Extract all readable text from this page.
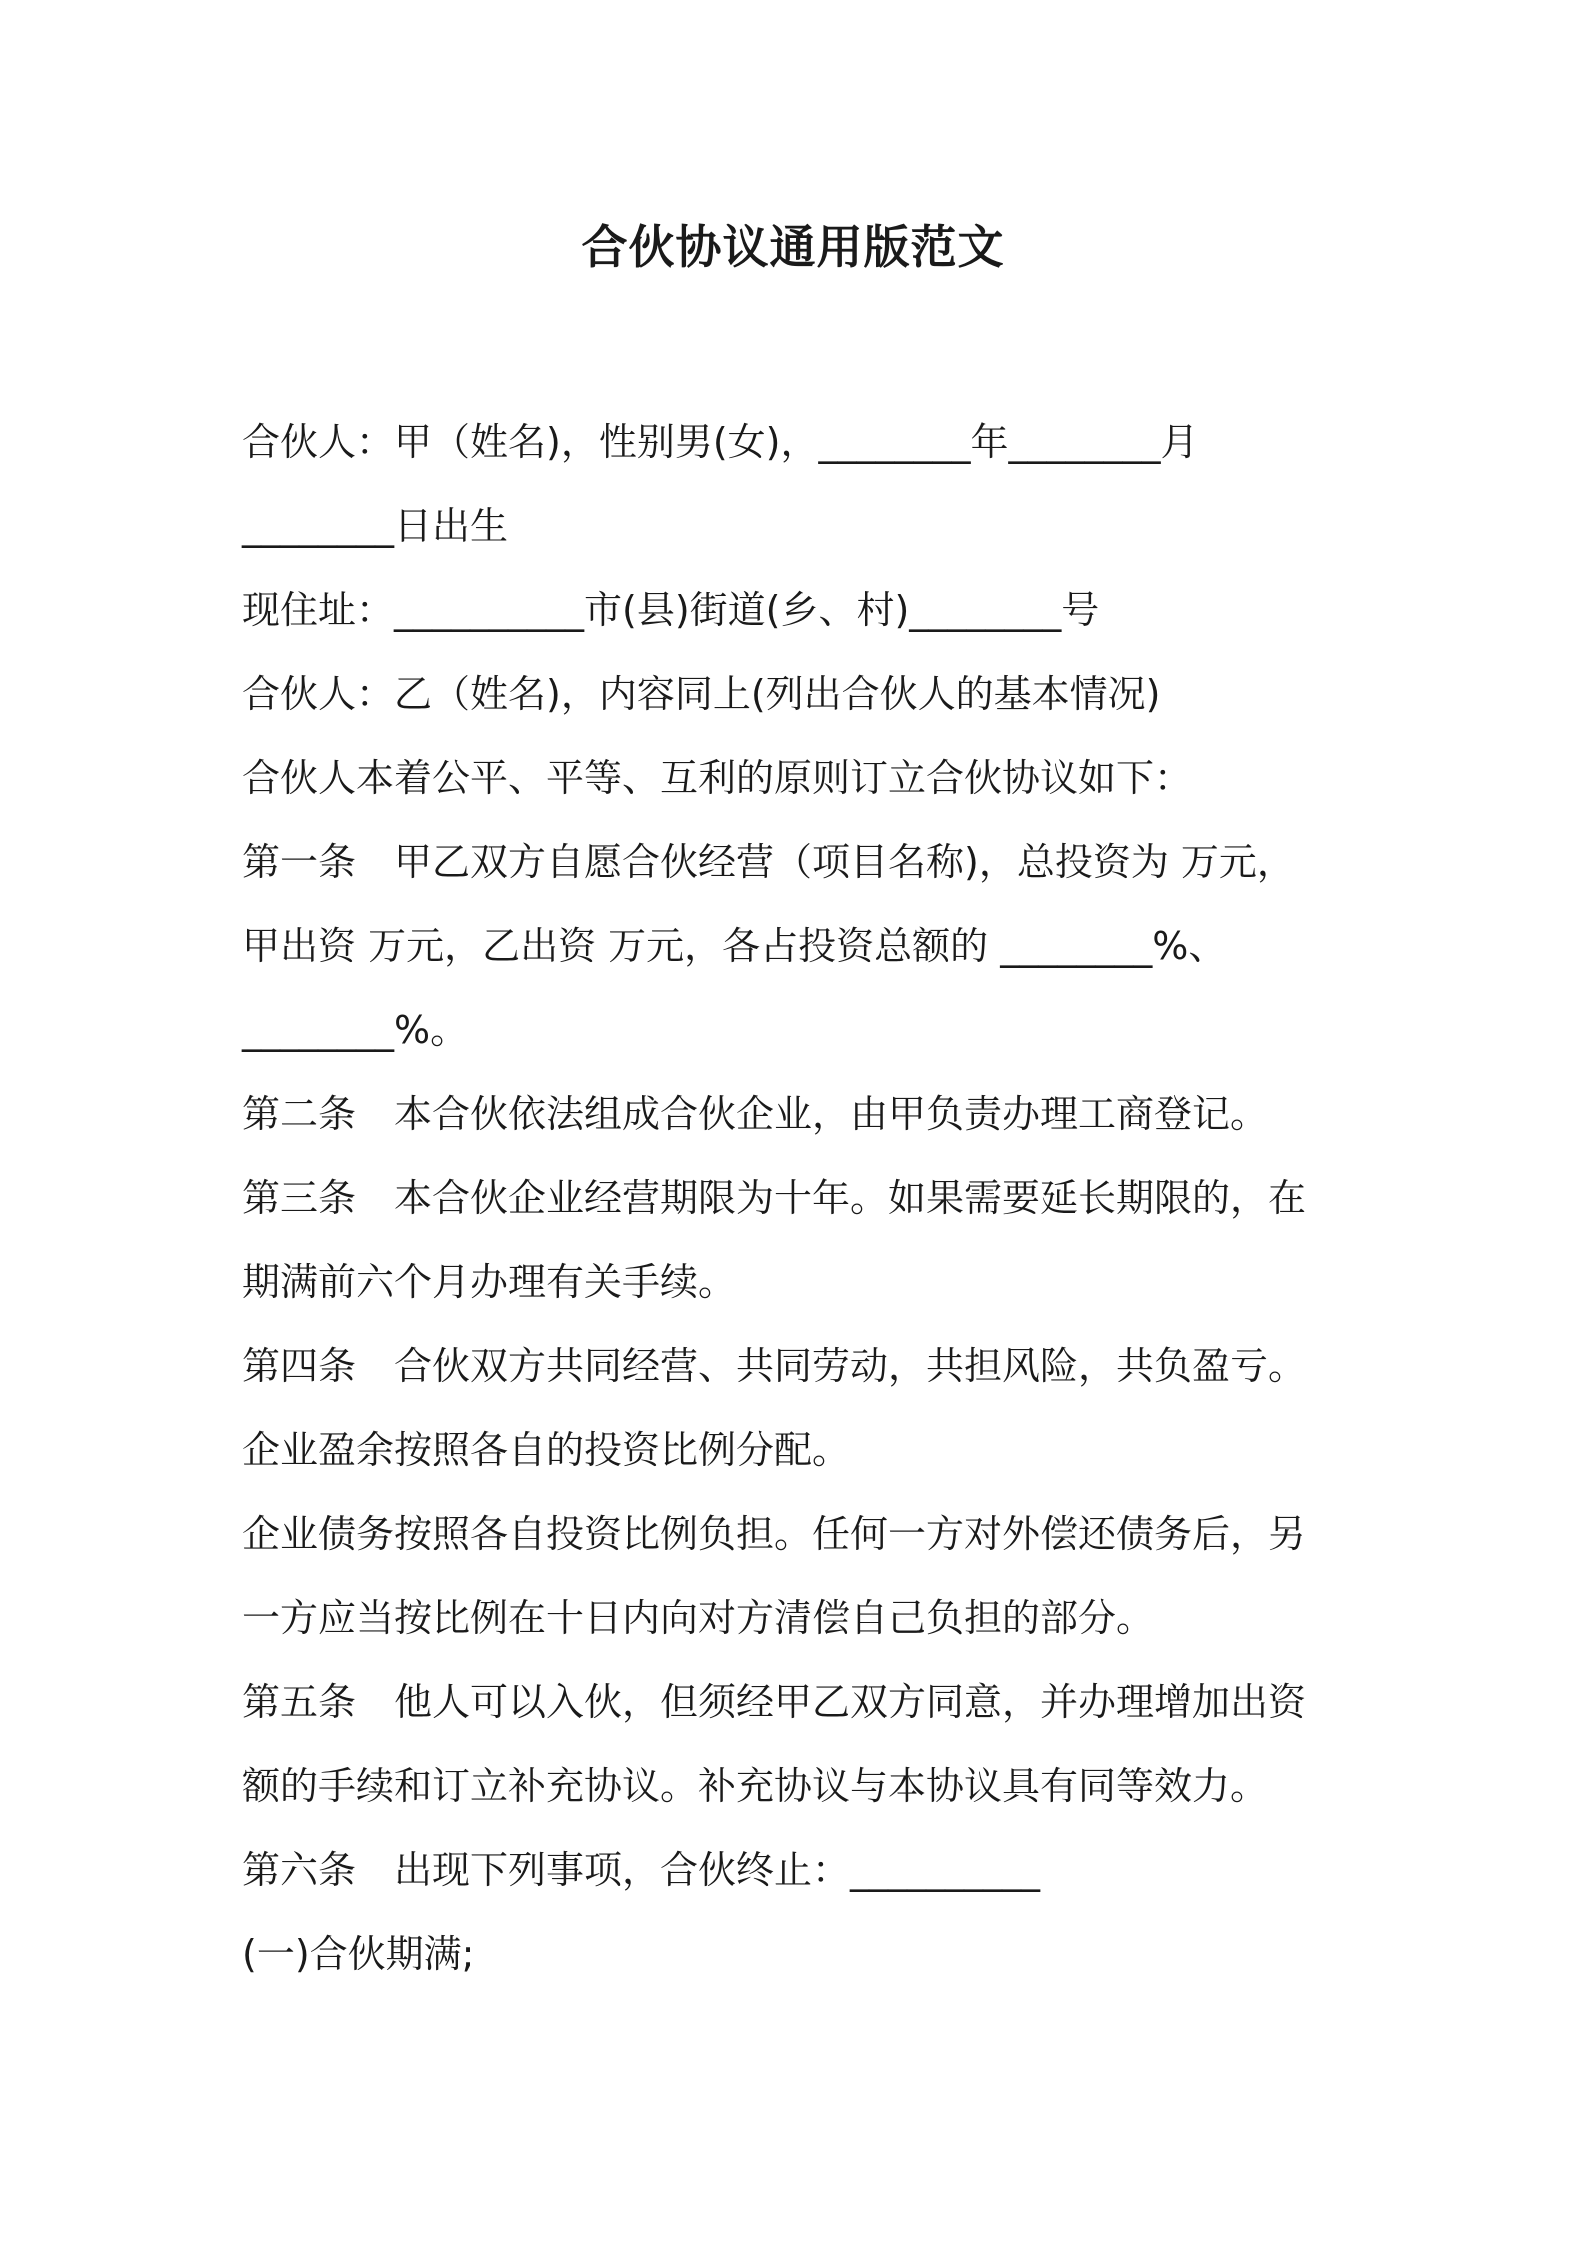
合伙协议通用版范文
合伙人：甲（姓名)，性别男(女)，________年________月
________日出生
现住址：__________市(县)街道(乡、村)________号
合伙人：乙（姓名)，内容同上(列出合伙人的基本情况)
合伙人本着公平、平等、互利的原则订立合伙协议如下：
第一条　甲乙双方自愿合伙经营（项目名称)，总投资为 万元，
甲出资 万元，乙出资 万元，各占投资总额的 ________%、
________%。
第二条　本合伙依法组成合伙企业，由甲负责办理工商登记。
第三条　本合伙企业经营期限为十年。如果需要延长期限的，在
期满前六个月办理有关手续。
第四条　合伙双方共同经营、共同劳动，共担风险，共负盈亏。
企业盈余按照各自的投资比例分配。
企业债务按照各自投资比例负担。任何一方对外偿还债务后，另
一方应当按比例在十日内向对方清偿自己负担的部分。
第五条　他人可以入伙，但须经甲乙双方同意，并办理增加出资
额的手续和订立补充协议。补充协议与本协议具有同等效力。
第六条　出现下列事项，合伙终止：__________
(一)合伙期满;
